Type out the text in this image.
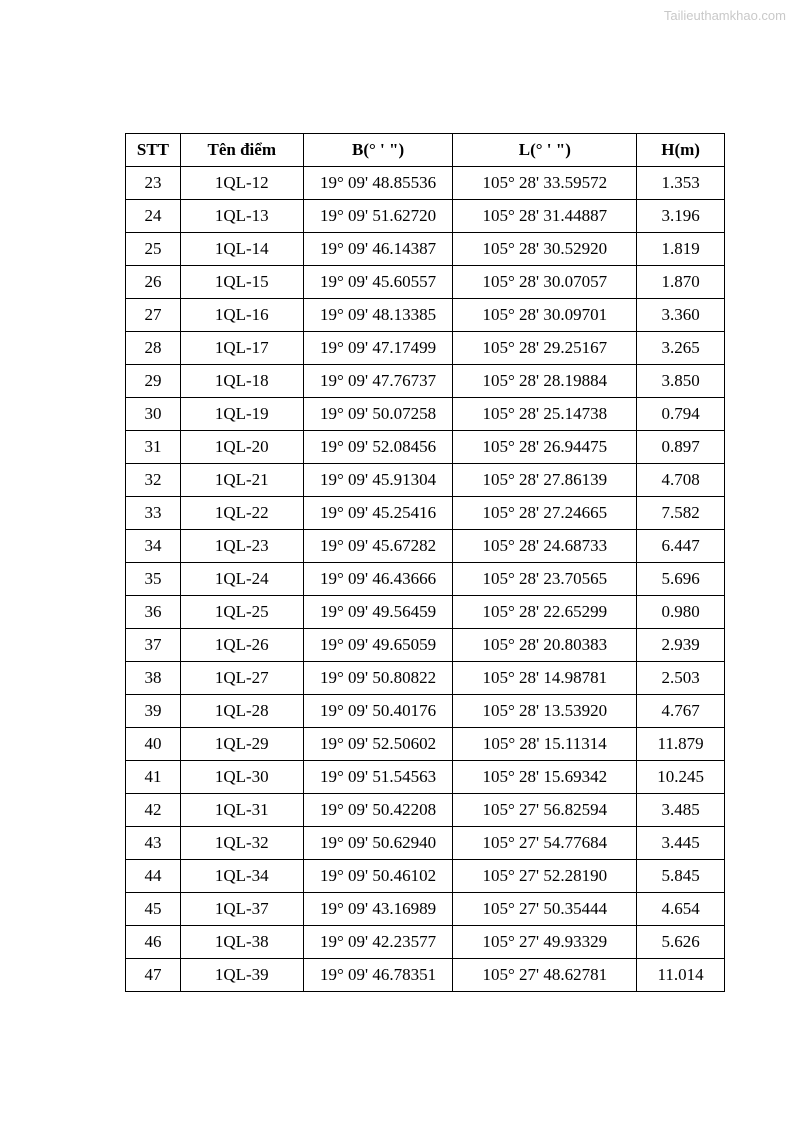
Tailieuthamkhao.com
STT	Tên điểm	B(° ' ")	L(° ' ")	H(m)
23	1QL-12	19° 09' 48.85536	105° 28' 33.59572	1.353
24	1QL-13	19° 09' 51.62720	105° 28' 31.44887	3.196
25	1QL-14	19° 09' 46.14387	105° 28' 30.52920	1.819
26	1QL-15	19° 09' 45.60557	105° 28' 30.07057	1.870
27	1QL-16	19° 09' 48.13385	105° 28' 30.09701	3.360
28	1QL-17	19° 09' 47.17499	105° 28' 29.25167	3.265
29	1QL-18	19° 09' 47.76737	105° 28' 28.19884	3.850
30	1QL-19	19° 09' 50.07258	105° 28' 25.14738	0.794
31	1QL-20	19° 09' 52.08456	105° 28' 26.94475	0.897
32	1QL-21	19° 09' 45.91304	105° 28' 27.86139	4.708
33	1QL-22	19° 09' 45.25416	105° 28' 27.24665	7.582
34	1QL-23	19° 09' 45.67282	105° 28' 24.68733	6.447
35	1QL-24	19° 09' 46.43666	105° 28' 23.70565	5.696
36	1QL-25	19° 09' 49.56459	105° 28' 22.65299	0.980
37	1QL-26	19° 09' 49.65059	105° 28' 20.80383	2.939
38	1QL-27	19° 09' 50.80822	105° 28' 14.98781	2.503
39	1QL-28	19° 09' 50.40176	105° 28' 13.53920	4.767
40	1QL-29	19° 09' 52.50602	105° 28' 15.11314	11.879
41	1QL-30	19° 09' 51.54563	105° 28' 15.69342	10.245
42	1QL-31	19° 09' 50.42208	105° 27' 56.82594	3.485
43	1QL-32	19° 09' 50.62940	105° 27' 54.77684	3.445
44	1QL-34	19° 09' 50.46102	105° 27' 52.28190	5.845
45	1QL-37	19° 09' 43.16989	105° 27' 50.35444	4.654
46	1QL-38	19° 09' 42.23577	105° 27' 49.93329	5.626
47	1QL-39	19° 09' 46.78351	105° 27' 48.62781	11.014
